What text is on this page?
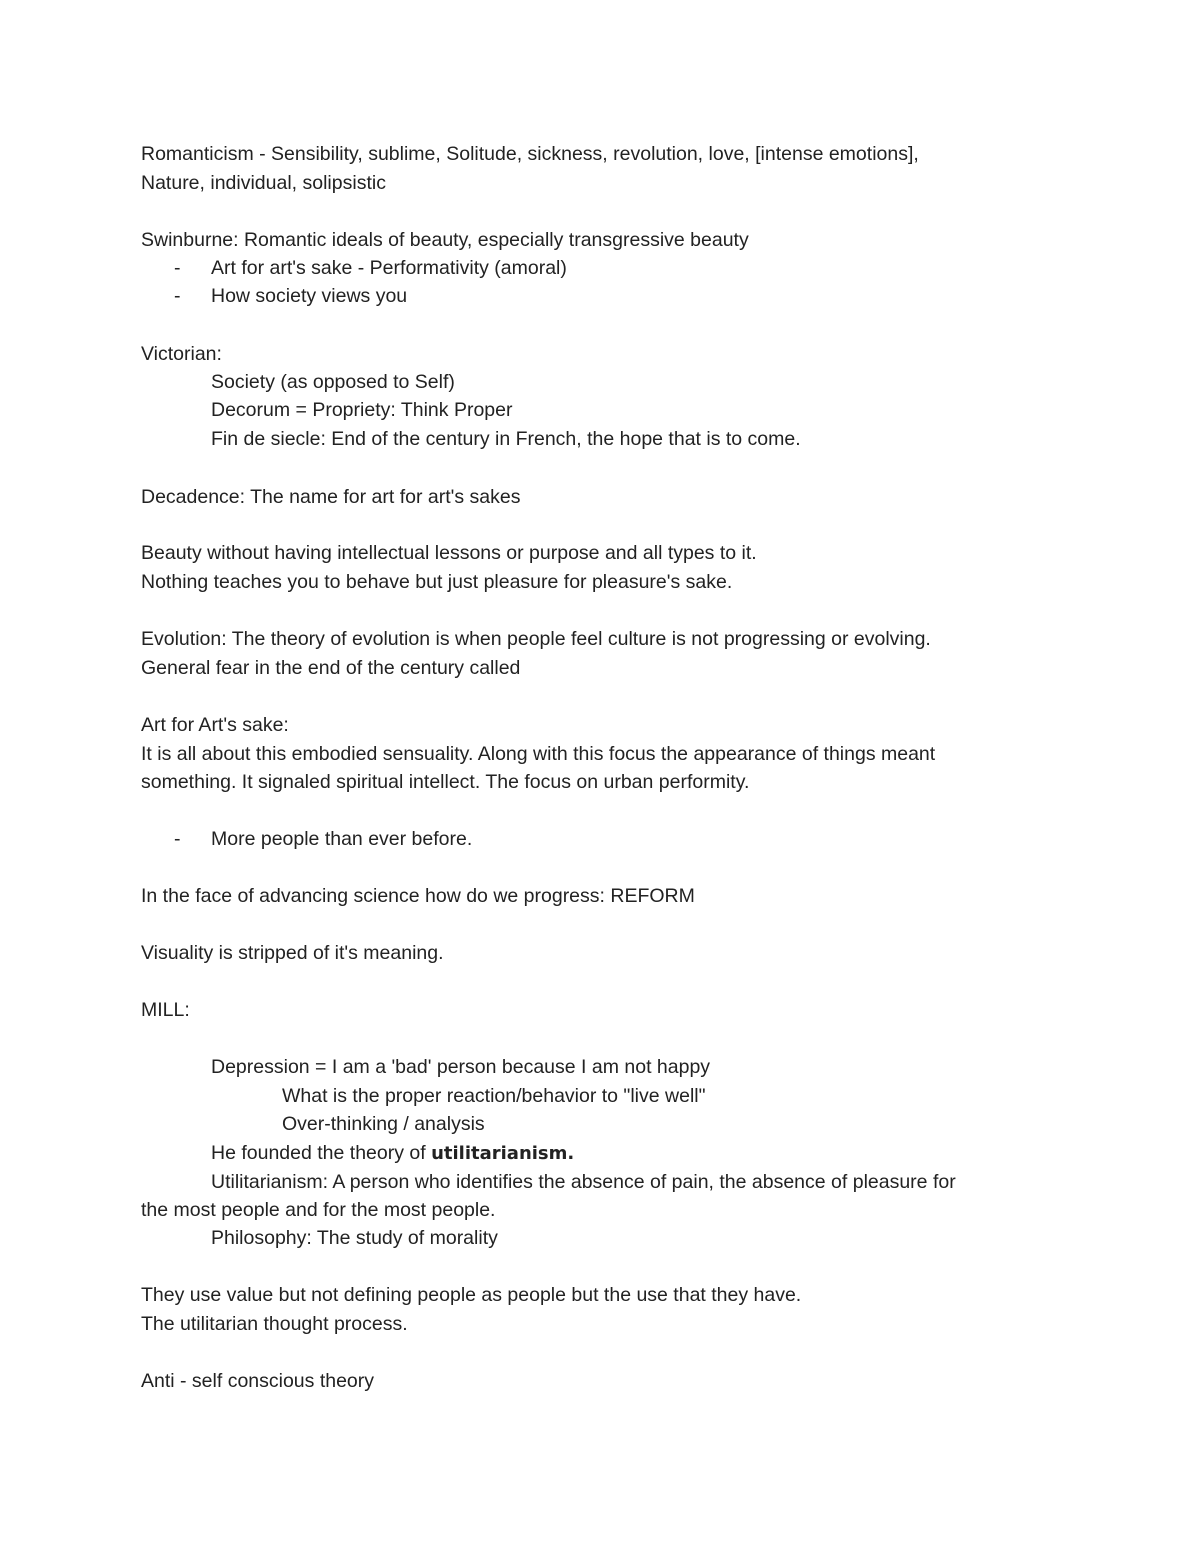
Romanticism - Sensibility, sublime, Solitude, sickness, revolution, love, [intense emotions],
Nature, individual, solipsistic
Swinburne: Romantic ideals of beauty, especially transgressive beauty
- Art for art's sake - Performativity (amoral)
- How society views you
Victorian:
Society (as opposed to Self)
Decorum = Propriety: Think Proper
Fin de siecle: End of the century in French, the hope that is to come.
Decadence: The name for art for art's sakes
Beauty without having intellectual lessons or purpose and all types to it.
Nothing teaches you to behave but just pleasure for pleasure's sake.
Evolution: The theory of evolution is when people feel culture is not progressing or evolving.
General fear in the end of the century called
Art for Art's sake:
It is all about this embodied sensuality. Along with this focus the appearance of things meant
something. It signaled spiritual intellect. The focus on urban performity.
- More people than ever before.
In the face of advancing science how do we progress: REFORM
Visuality is stripped of it's meaning.
MILL:
Depression = I am a 'bad' person because I am not happy
What is the proper reaction/behavior to "live well"
Over-thinking / analysis
He founded the theory of utilitarianism.
Utilitarianism: A person who identifies the absence of pain, the absence of pleasure for
the most people and for the most people.
Philosophy: The study of morality
They use value but not defining people as people but the use that they have.
The utilitarian thought process.
Anti - self conscious theory
